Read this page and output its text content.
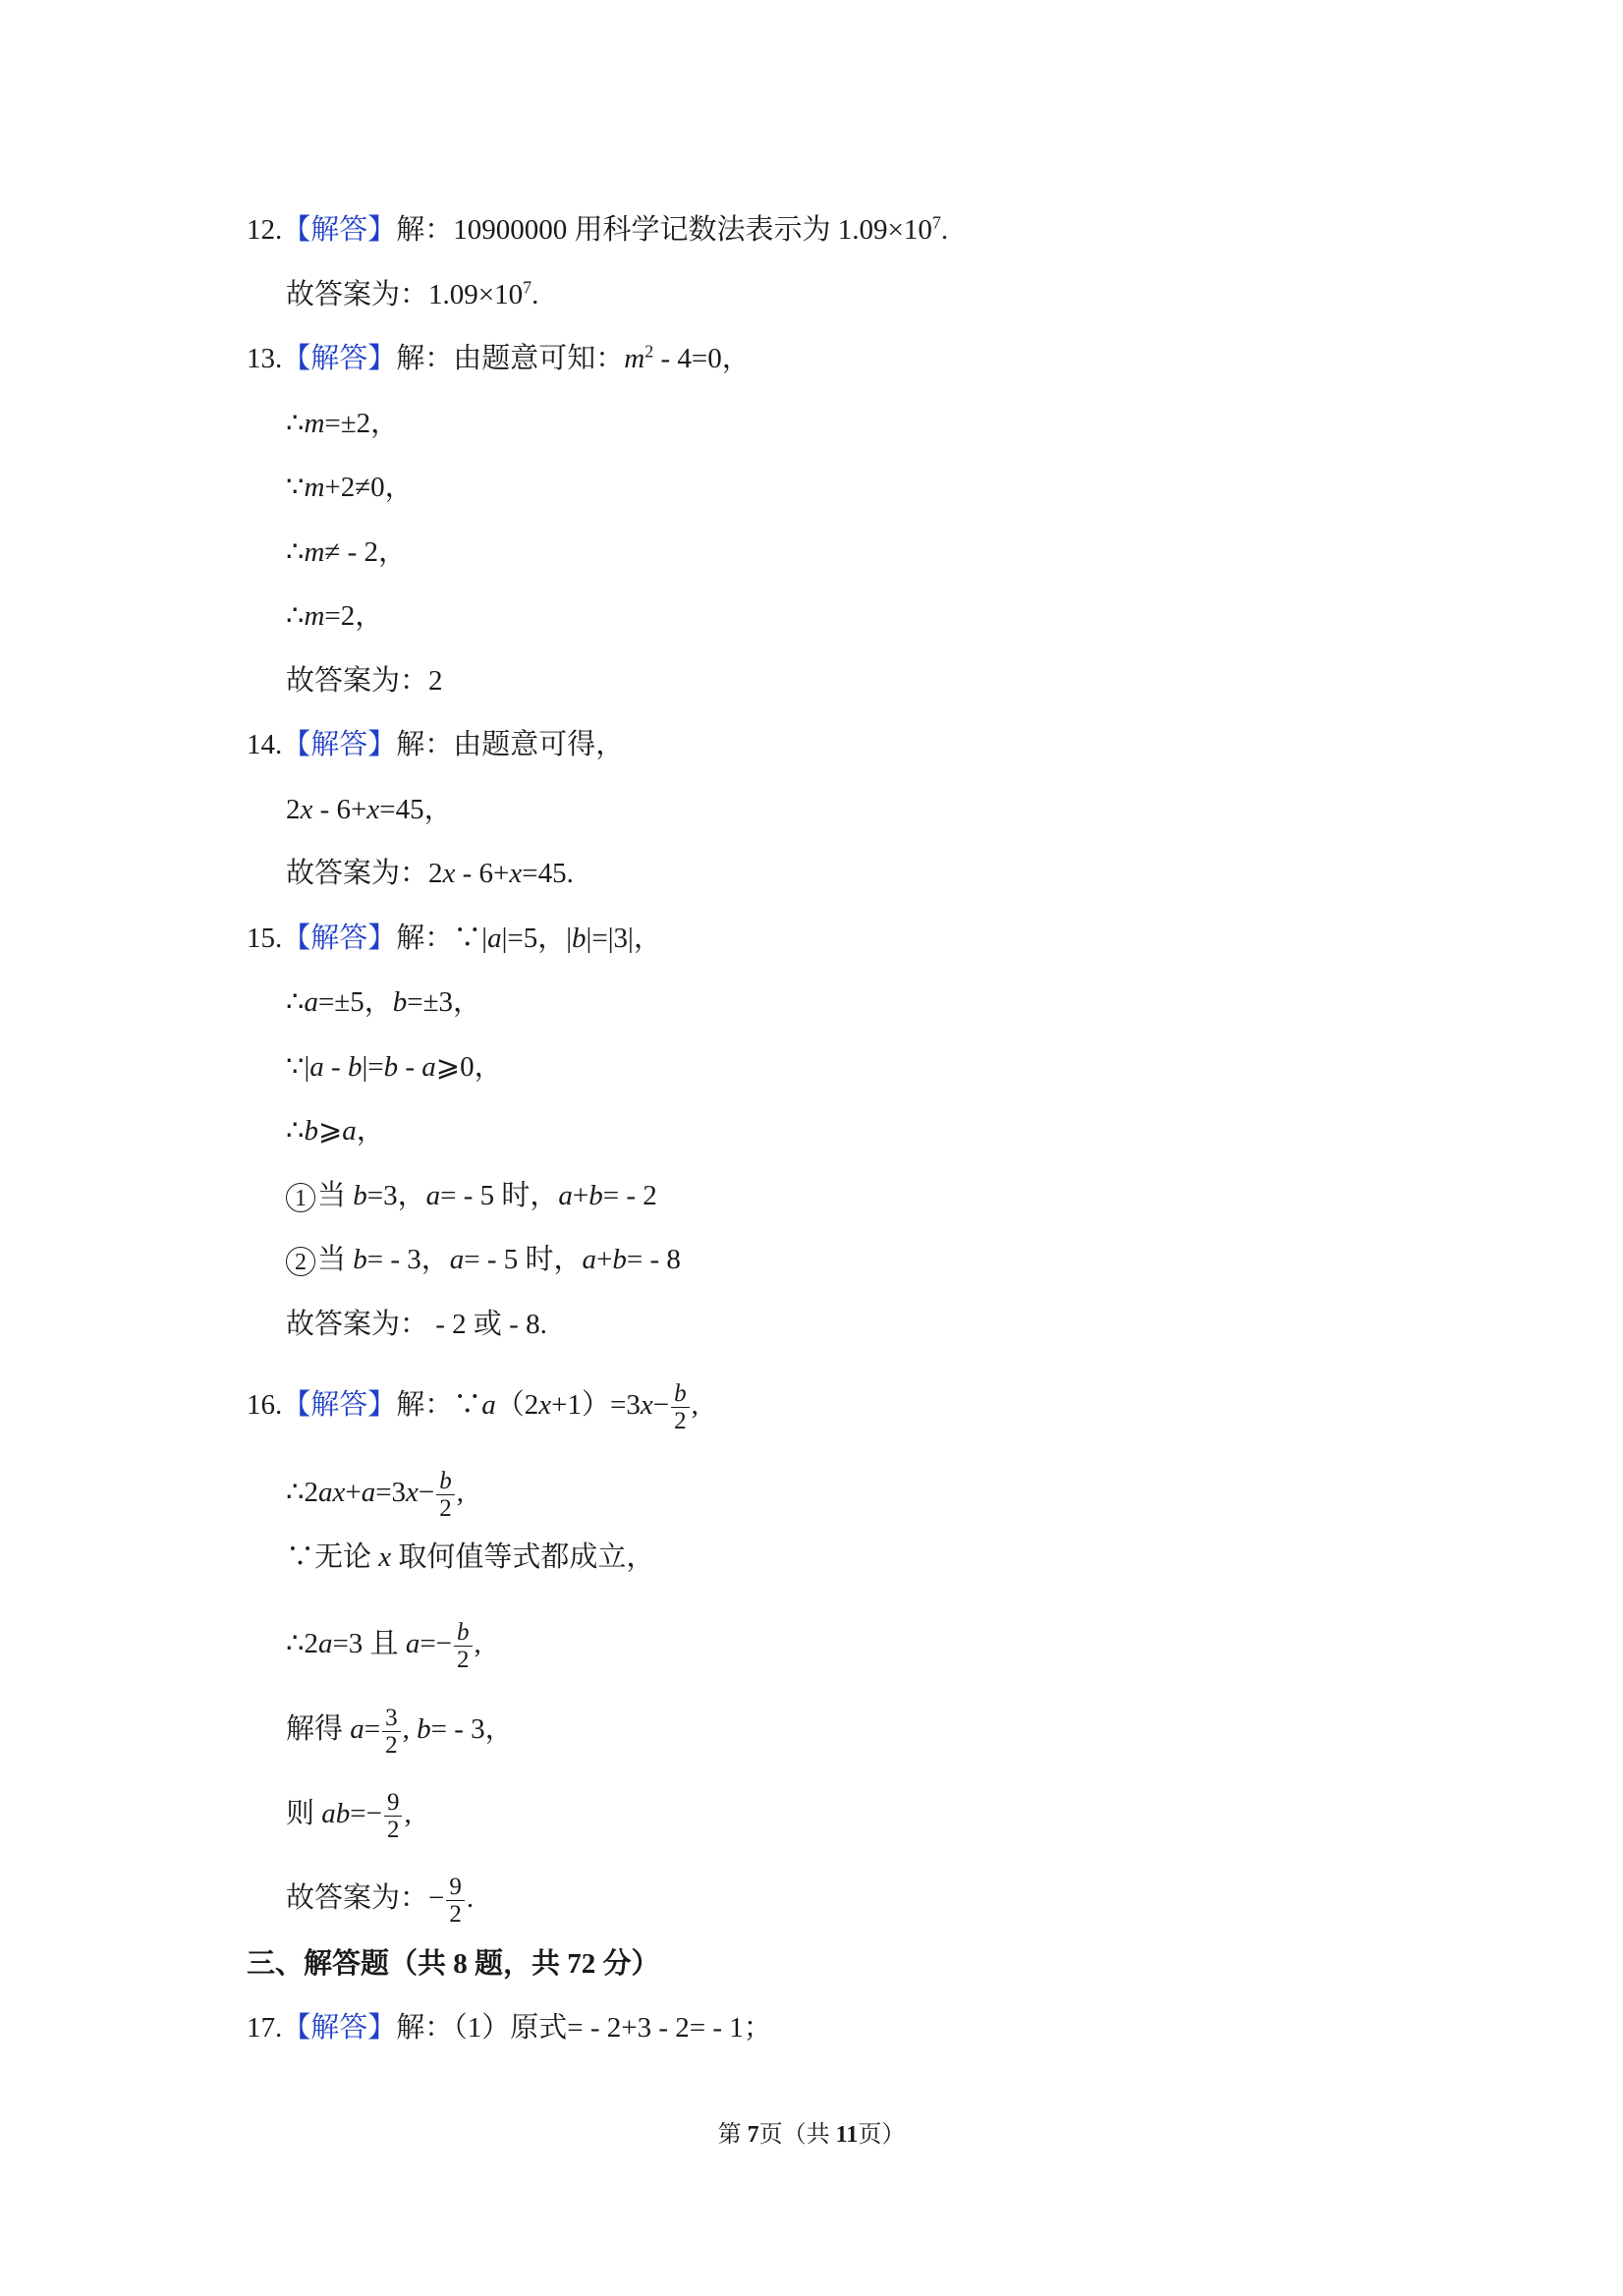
12.【解答】解：10900000 用科学记数法表示为 $1.09\times 10^7$.
故答案为：$1.09\times 10^7$.
13.【解答】解：由题意可知：$m^2 - 4=0$，
∴m=±2，
∵m+2≠0，
∴m≠ - 2，
∴m=2，
故答案为：2
14.【解答】解：由题意可得，
2x - 6+x=45，
故答案为：2x - 6+x=45.
15.【解答】解：∵|a|=5，|b|=|3|，
∴a=±5，b=±3，
∵|a - b|=b - a⩾0，
∴b⩾a，
1 当 b=3，a= - 5 时，a+b= - 2
2 当 b= - 3，a= - 5 时，a+b= - 8
故答案为： - 2 或 - 8.
16.【解答】解：∵a（2x+1）=3x− $\frac{b}{2}$ ,
∴2ax+a=3x− $\frac{b}{2}$ ,
∵无论 x 取何值等式都成立，
∴2a=3 且 $a=- \frac{b}{2}$ ,
解得 $a= \frac{3}{2}$ , b= - 3，
则 $ab=- \frac{9}{2}$ ,
故答案为：− $\frac{9}{2}$ .
三、解答题（共 8 题，共 72 分）
17.【解答】解：（1）原式= - 2+3 - 2= - 1；
第 7页（共 11页）
